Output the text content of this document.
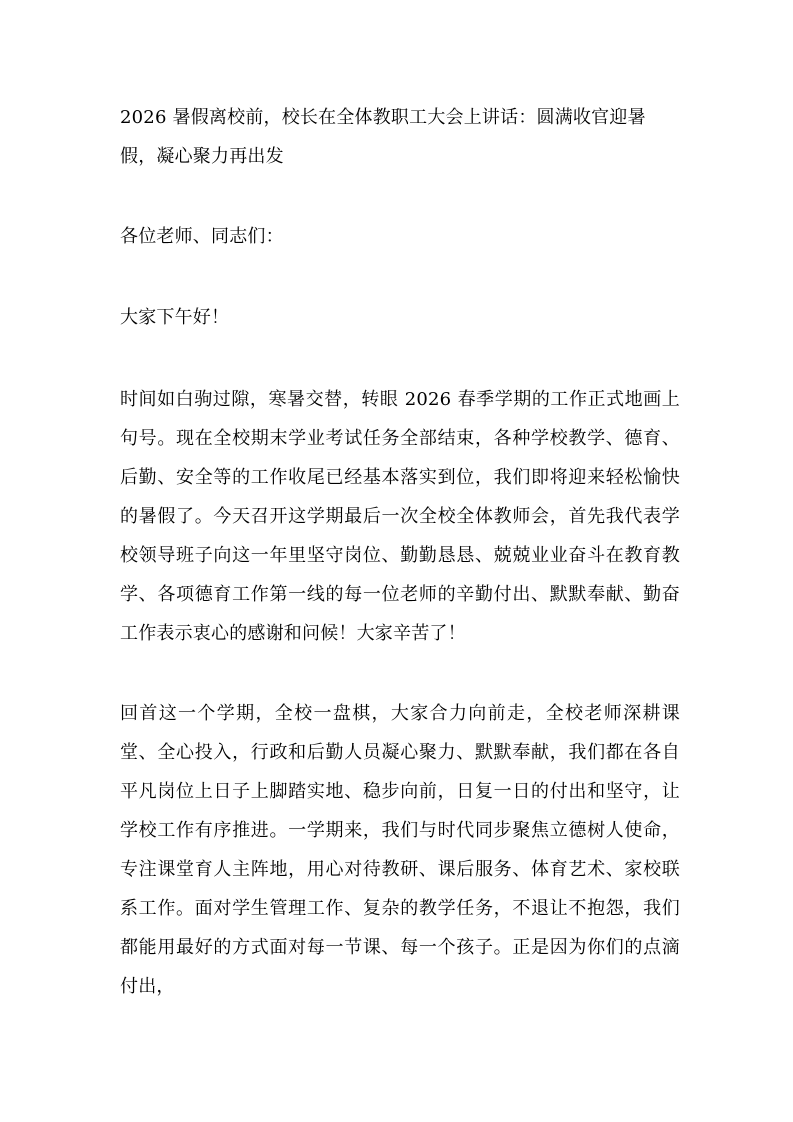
2026 暑假离校前，校长在全体教职工大会上讲话：圆满收官迎暑假，凝心聚力再出发

各位老师、同志们：

大家下午好！

时间如白驹过隙，寒暑交替，转眼 2026 春季学期的工作正式地画上句号。现在全校期末学业考试任务全部结束，各种学校教学、德育、后勤、安全等的工作收尾已经基本落实到位，我们即将迎来轻松愉快的暑假了。今天召开这学期最后一次全校全体教师会，首先我代表学校领导班子向这一年里坚守岗位、勤勤恳恳、兢兢业业奋斗在教育教学、各项德育工作第一线的每一位老师的辛勤付出、默默奉献、勤奋工作表示衷心的感谢和问候！大家辛苦了！

回首这一个学期，全校一盘棋，大家合力向前走，全校老师深耕课堂、全心投入，行政和后勤人员凝心聚力、默默奉献，我们都在各自平凡岗位上日子上脚踏实地、稳步向前，日复一日的付出和坚守，让学校工作有序推进。一学期来，我们与时代同步聚焦立德树人使命，专注课堂育人主阵地，用心对待教研、课后服务、体育艺术、家校联系工作。面对学生管理工作、复杂的教学任务，不退让不抱怨，我们都能用最好的方式面对每一节课、每一个孩子。正是因为你们的点滴付出，
